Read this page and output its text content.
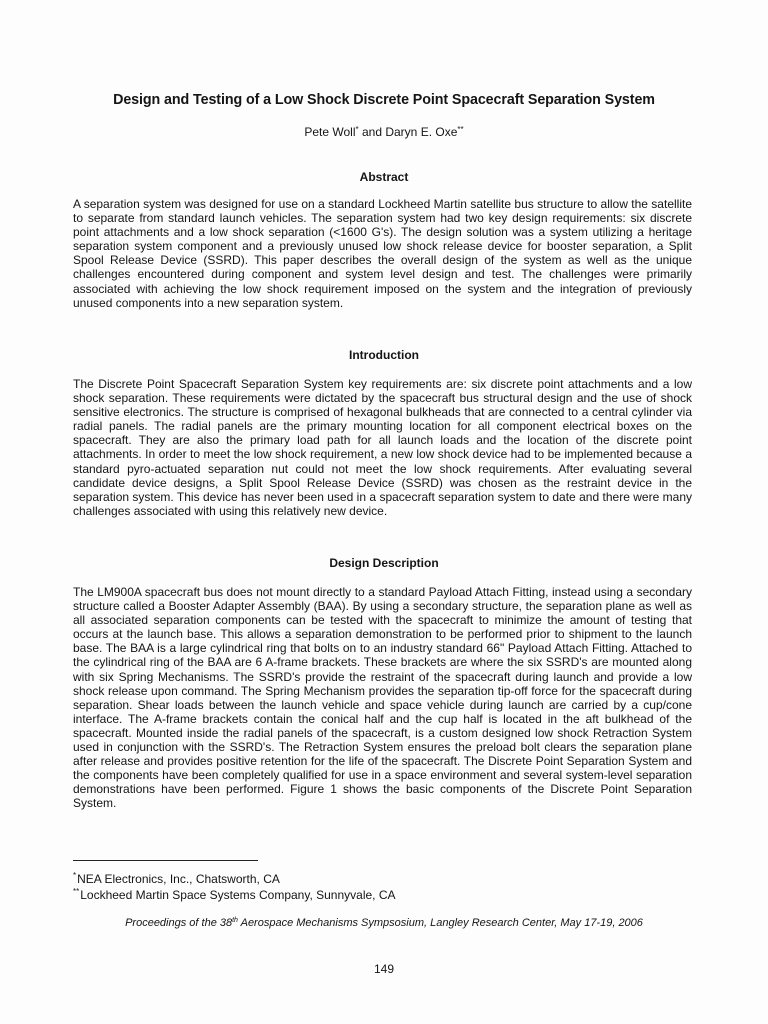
Design and Testing of a Low Shock Discrete Point Spacecraft Separation System
Pete Woll* and Daryn E. Oxe**
Abstract
A separation system was designed for use on a standard Lockheed Martin satellite bus structure to allow the satellite to separate from standard launch vehicles. The separation system had two key design requirements: six discrete point attachments and a low shock separation (<1600 G's). The design solution was a system utilizing a heritage separation system component and a previously unused low shock release device for booster separation, a Split Spool Release Device (SSRD). This paper describes the overall design of the system as well as the unique challenges encountered during component and system level design and test. The challenges were primarily associated with achieving the low shock requirement imposed on the system and the integration of previously unused components into a new separation system.
Introduction
The Discrete Point Spacecraft Separation System key requirements are: six discrete point attachments and a low shock separation. These requirements were dictated by the spacecraft bus structural design and the use of shock sensitive electronics. The structure is comprised of hexagonal bulkheads that are connected to a central cylinder via radial panels. The radial panels are the primary mounting location for all component electrical boxes on the spacecraft. They are also the primary load path for all launch loads and the location of the discrete point attachments. In order to meet the low shock requirement, a new low shock device had to be implemented because a standard pyro-actuated separation nut could not meet the low shock requirements. After evaluating several candidate device designs, a Split Spool Release Device (SSRD) was chosen as the restraint device in the separation system. This device has never been used in a spacecraft separation system to date and there were many challenges associated with using this relatively new device.
Design Description
The LM900A spacecraft bus does not mount directly to a standard Payload Attach Fitting, instead using a secondary structure called a Booster Adapter Assembly (BAA). By using a secondary structure, the separation plane as well as all associated separation components can be tested with the spacecraft to minimize the amount of testing that occurs at the launch base. This allows a separation demonstration to be performed prior to shipment to the launch base. The BAA is a large cylindrical ring that bolts on to an industry standard 66" Payload Attach Fitting. Attached to the cylindrical ring of the BAA are 6 A-frame brackets. These brackets are where the six SSRD's are mounted along with six Spring Mechanisms. The SSRD's provide the restraint of the spacecraft during launch and provide a low shock release upon command. The Spring Mechanism provides the separation tip-off force for the spacecraft during separation. Shear loads between the launch vehicle and space vehicle during launch are carried by a cup/cone interface. The A-frame brackets contain the conical half and the cup half is located in the aft bulkhead of the spacecraft. Mounted inside the radial panels of the spacecraft, is a custom designed low shock Retraction System used in conjunction with the SSRD's. The Retraction System ensures the preload bolt clears the separation plane after release and provides positive retention for the life of the spacecraft. The Discrete Point Separation System and the components have been completely qualified for use in a space environment and several system-level separation demonstrations have been performed. Figure 1 shows the basic components of the Discrete Point Separation System.
*NEA Electronics, Inc., Chatsworth, CA
**Lockheed Martin Space Systems Company, Sunnyvale, CA
Proceedings of the 38th Aerospace Mechanisms Sympsosium, Langley Research Center, May 17-19, 2006
149
